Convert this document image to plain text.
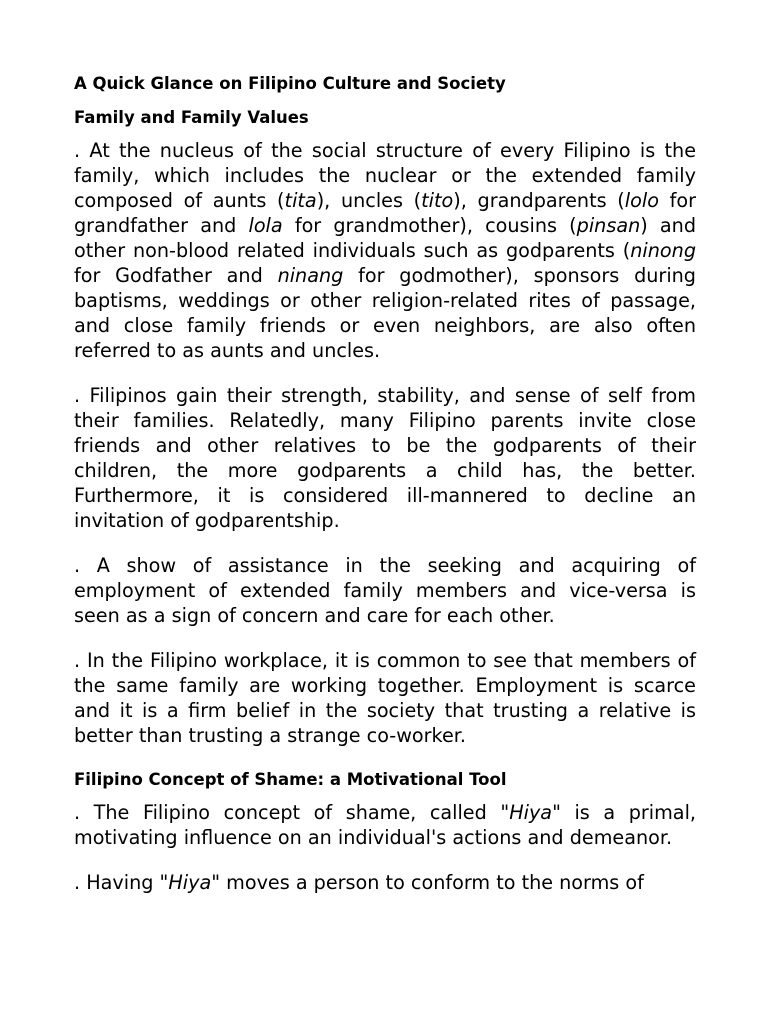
A Quick Glance on Filipino Culture and Society
Family and Family Values

. At the nucleus of the social structure of every Filipino is the family, which includes the nuclear or the extended family composed of aunts (tita), uncles (tito), grandparents (lolo for grandfather and lola for grandmother), cousins (pinsan) and other non-blood related individuals such as godparents (ninong for Godfather and ninang for godmother), sponsors during baptisms, weddings or other religion-related rites of passage, and close family friends or even neighbors, are also often referred to as aunts and uncles.

. Filipinos gain their strength, stability, and sense of self from their families. Relatedly, many Filipino parents invite close friends and other relatives to be the godparents of their children, the more godparents a child has, the better. Furthermore, it is considered ill-mannered to decline an invitation of godparentship.

. A show of assistance in the seeking and acquiring of employment of extended family members and vice-versa is seen as a sign of concern and care for each other.

. In the Filipino workplace, it is common to see that members of the same family are working together. Employment is scarce and it is a firm belief in the society that trusting a relative is better than trusting a strange co-worker.

Filipino Concept of Shame: a Motivational Tool

. The Filipino concept of shame, called "Hiya" is a primal, motivating influence on an individual's actions and demeanor.

. Having "Hiya" moves a person to conform to the norms of
